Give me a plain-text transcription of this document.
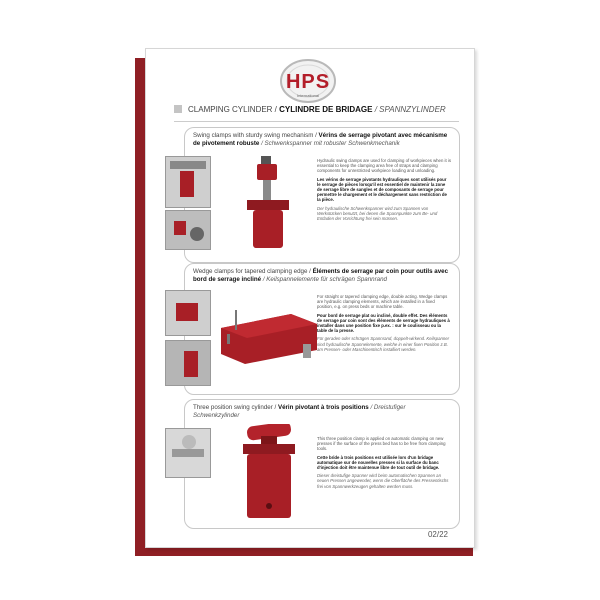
HPS
International
CLAMPING CYLINDER / CYLINDRE DE BRIDAGE / SPANNZYLINDER
Swing clamps with sturdy swing mechanism / Vérins de serrage pivotant avec mécanisme de pivotement robuste / Schwenkspanner mit robuster Schwenkmechanik

Hydraulic swing clamps are used for clamping of workpieces when it is essential to keep the clamping area free of straps and clamping components for unrestricted workpiece loading and unloading.

Les vérins de serrage pivotants hydrauliques sont utilisés pour le serrage de pièces lorsqu'il est essentiel de maintenir la zone de serrage libre de sangles et de composants de serrage pour permettre le chargement et le déchargement sans restriction de la pièce.

Der hydraulische Schwenkspanner wird zum Spannen von Werkstücken benutzt, bei denen die Spannpunkte zum Be- und Entladen der Vorrichtung frei sein müssen.

Wedge clamps for tapered clamping edge / Éléments de serrage par coin pour outils avec bord de serrage incliné / Keilspannelemente für schrägen Spannrand

For straight or tapered clamping edge, double acting. Wedge clamps are hydraulic clamping elements, which are installed in a fixed position, e.g. on press beds or machine table.

Pour bord de serrage plat ou incliné, double effet. Des éléments de serrage par coin sont des éléments de serrage hydrauliques à installer dans une position fixe p.ex. : sur le coulisseau ou la table de la presse.

Für geraden oder schrägen Spannrand, doppelt-wirkend. Keilspanner sind hydraulische Spannelemente, welche in einer fixen Position z.B. am Pressen- oder Maschinentisch installiert werden.

Three position swing cylinder / Vérin pivotant à trois positions / Dreistufiger Schwenkzylinder

This three position clamp is applied on automatic clamping on new presses if the surface of the press bed has to be free from clamping tools.

Cette bride à trois positions est utilisée lors d'un bridage automatique sur de nouvelles presses si la surface du banc d'injection doit être maintenue libre de tout outil de bridage.

Dieser dreistufige Spanner wird beim automatischen Spannen an neuen Pressen angewendet, wenn die Oberfläche des Pressentischs frei von Spannwerkzeugen gehalten werden muss.

02/22
